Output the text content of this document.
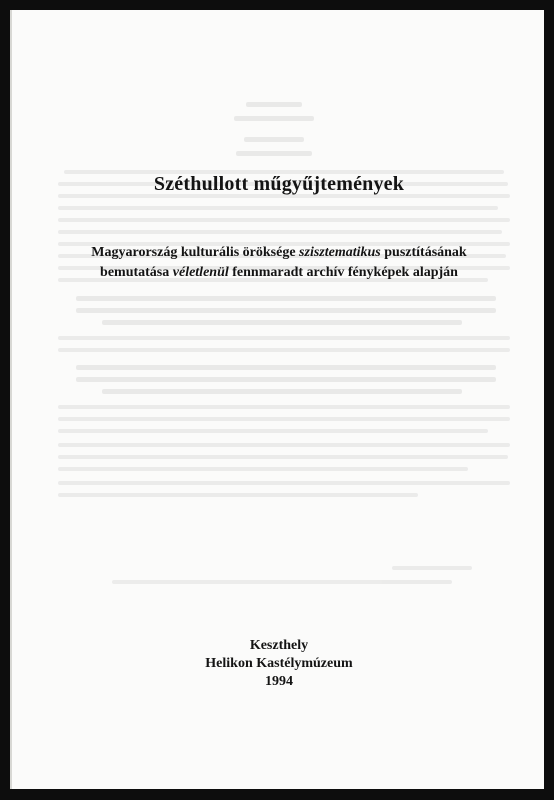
Széthullott műgyűjtemények
Magyarország kulturális öröksége szisztematikus pusztításának
bemutatása véletlenül fennmaradt archív fényképek alapján
Keszthely
Helikon Kastélymúzeum
1994
